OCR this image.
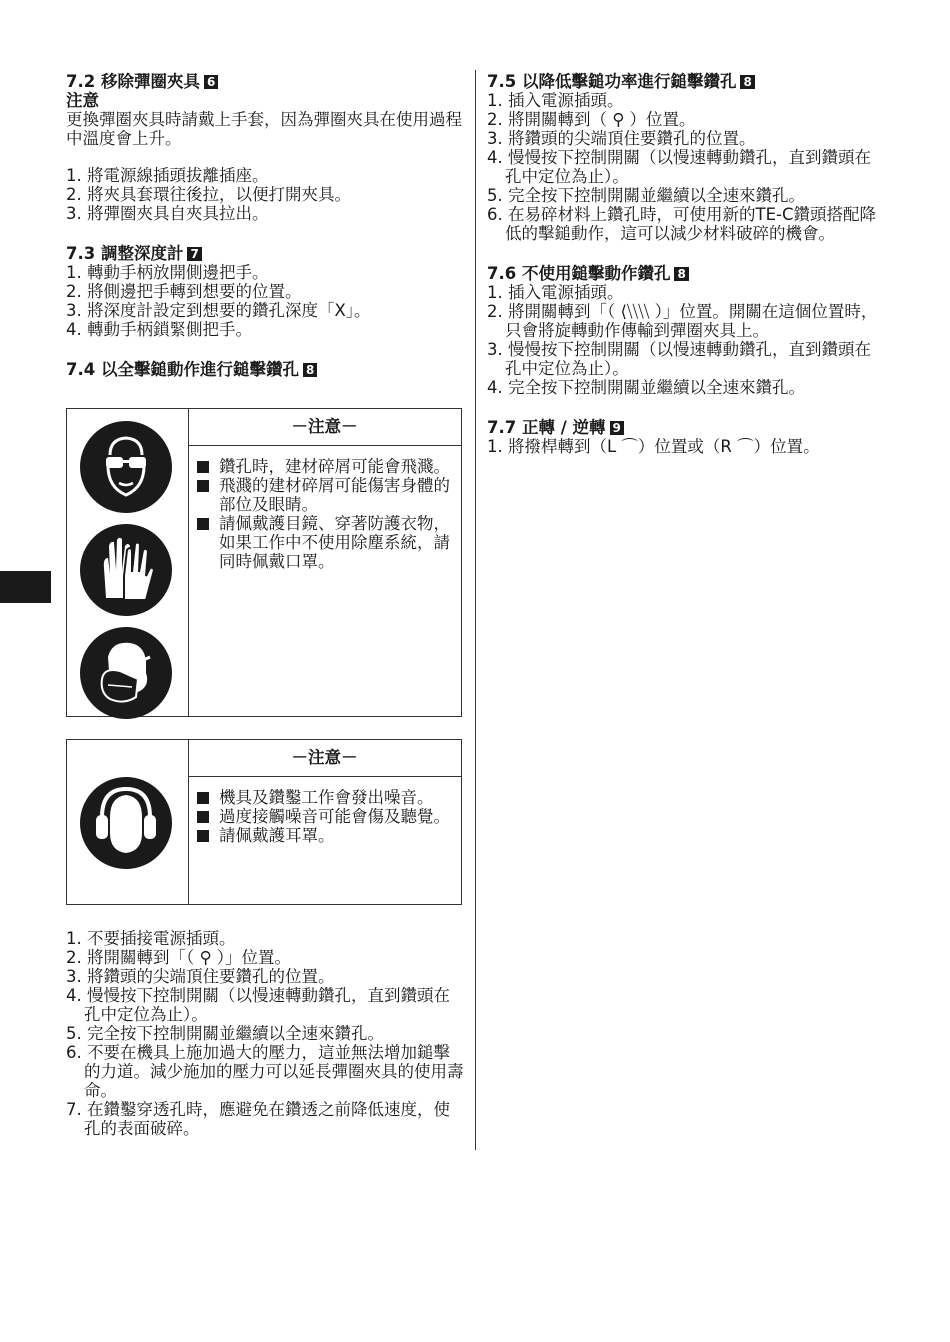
7.2 移除彈圈夾具 6
注意

更換彈圈夾具時請戴上手套，因為彈圈夾具在使用過程中溫度會上升。

1. 將電源線插頭拔離插座。
2. 將夾具套環往後拉，以便打開夾具。
3. 將彈圈夾具自夾具拉出。
7.3 調整深度計 7
1. 轉動手柄放開側邊把手。
2. 將側邊把手轉到想要的位置。
3. 將深度計設定到想要的鑽孔深度「X」。
4. 轉動手柄鎖緊側把手。
7.4 以全擊鎚動作進行鎚擊鑽孔 8
－注意－
鑽孔時，建材碎屑可能會飛濺。
飛濺的建材碎屑可能傷害身體的部位及眼睛。
請佩戴護目鏡、穿著防護衣物，如果工作中不使用除塵系統，請同時佩戴口罩。
－注意－
機具及鑽鑿工作會發出噪音。
過度接觸噪音可能會傷及聽覺。
請佩戴護耳罩。
1. 不要插接電源插頭。
2. 將開關轉到「（ ⚲ ）」位置。
3. 將鑽頭的尖端頂住要鑽孔的位置。
4. 慢慢按下控制開關（以慢速轉動鑽孔，直到鑽頭在孔中定位為止）。
5. 完全按下控制開關並繼續以全速來鑽孔。
6. 不要在機具上施加過大的壓力，這並無法增加鎚擊的力道。減少施加的壓力可以延長彈圈夾具的使用壽命。
7. 在鑽鑿穿透孔時，應避免在鑽透之前降低速度，使孔的表面破碎。
7.5 以降低擊鎚功率進行鎚擊鑽孔 8
1. 插入電源插頭。
2. 將開關轉到（ ⚲ ）位置。
3. 將鑽頭的尖端頂住要鑽孔的位置。
4. 慢慢按下控制開關（以慢速轉動鑽孔，直到鑽頭在孔中定位為止）。
5. 完全按下控制開關並繼續以全速來鑽孔。
6. 在易碎材料上鑽孔時，可使用新的TE-C鑽頭搭配降低的擊鎚動作，這可以減少材料破碎的機會。
7.6 不使用鎚擊動作鑽孔 8
1. 插入電源插頭。
2. 將開關轉到「（ ⟨⧹⧹⧹⧹ ）」位置。開關在這個位置時，只會將旋轉動作傳輸到彈圈夾具上。
3. 慢慢按下控制開關（以慢速轉動鑽孔，直到鑽頭在孔中定位為止）。
4. 完全按下控制開關並繼續以全速來鑽孔。
7.7 正轉 / 逆轉 9
1. 將撥桿轉到（L ⌒）位置或（R ⌒）位置。
